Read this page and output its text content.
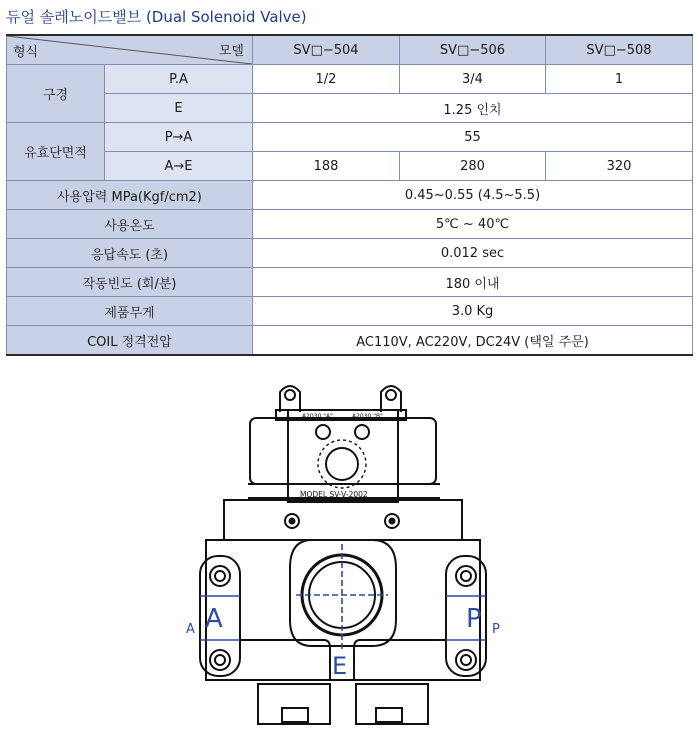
듀얼 솔레노이드밸브 (Dual Solenoid Valve)
형식 모델		SV□−504	SV□−506	SV□−508
구경	P.A	1/2	3/4	1
	E	1.25 인치		
유효단면적	P→A	55		
	A→E	188	280	320
사용압력 MPa(Kgf/cm2)		0.45~0.55 (4.5~5.5)		
사용온도		5℃ ~ 40℃		
응답속도 (초)		0.012 sec		
작동빈도 (회/분)		180 이내		
제품무게		3.0 Kg		
COIL 정격전압		AC110V, AC220V, DC24V (택일 주문)		
A2030 "A"	A2030 "B"
MODEL SV-V-2002
A
A	P P
E
